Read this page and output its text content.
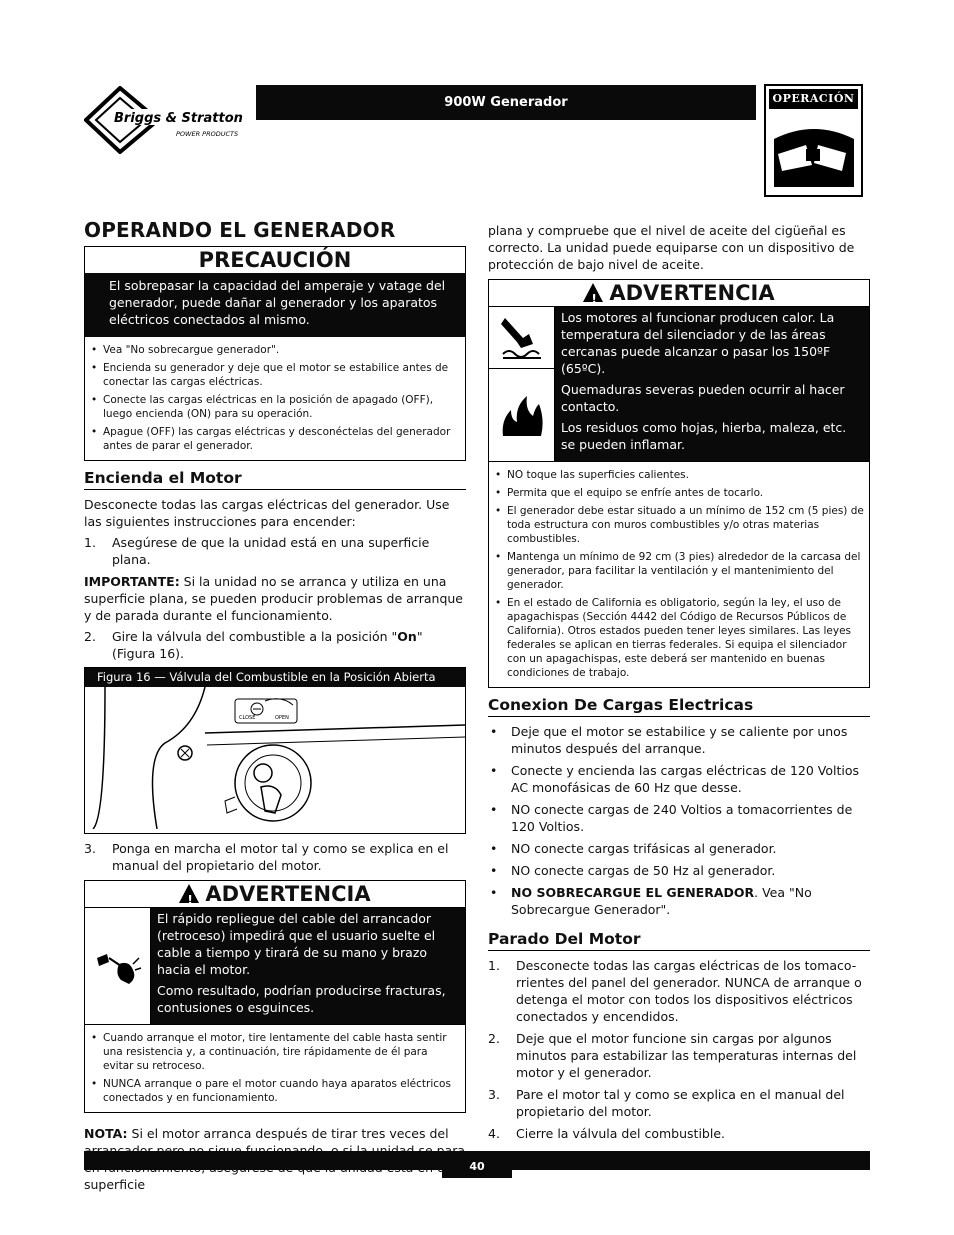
Briggs & Stratton
POWER PRODUCTS
900W Generador	OPERACIÓN
OPERANDO EL GENERADOR
PRECAUCIÓN

El sobrepasar la capacidad del amperaje y vatage del generador, puede dañar al generador y los aparatos eléctricos conectados al mismo.

• Vea "No sobrecargue generador".
• Encienda su generador y deje que el motor se estabilice antes de conectar las cargas eléctricas.
• Conecte las cargas eléctricas en la posición de apagado (OFF), luego encienda (ON) para su operación.
• Apague (OFF) las cargas eléctricas y desconéctelas del generador antes de parar el generador.
Encienda el Motor

Desconecte todas las cargas eléctricas del generador. Use las siguientes instrucciones para encender:

1. Asegúrese de que la unidad está en una superficie plana.

IMPORTANTE: Si la unidad no se arranca y utiliza en una superficie plana, se pueden producir problemas de arranque y de parada durante el funcionamiento.

2. Gire la válvula del combustible a la posición "On" (Figura 16).
Figura 16 — Válvula del Combustible en la Posición Abierta
CLOSE	OPEN
3. Ponga en marcha el motor tal y como se explica en el manual del propietario del motor.
!ADVERTENCIA

El rápido repliegue del cable del arrancador (retroceso) impedirá que el usuario suelte el cable a tiempo y tirará de su mano y brazo hacia el motor.

Como resultado, podrían producirse fracturas, contusiones o esguinces.

• Cuando arranque el motor, tire lentamente del cable hasta sentir una resistencia y, a continuación, tire rápidamente de él para evitar su retroceso.
• NUNCA arranque o pare el motor cuando haya aparatos eléctricos conectados y en funcionamiento.

NOTA: Si el motor arranca después de tirar tres veces del superficie

plana y compruebe que el nivel de aceite del cigüeñal es correcto. La unidad puede equiparse con un dispositivo de protección de bajo nivel de aceite.

!ADVERTENCIA

Los motores al funcionar producen calor. La temperatura del silenciador y de las áreas cercanas puede alcanzar o pasar los 150ºF (65ºC).

Quemaduras severas pueden ocurrir al hacer contacto.

Los residuos como hojas, hierba, maleza, etc. se pueden inflamar.

• NO toque las superficies calientes.
• Permita que el equipo se enfríe antes de tocarlo.
• El generador debe estar situado a un mínimo de 152 cm (5 pies) de toda estructura con muros combustibles y/o otras materias combustibles.
• Mantenga un mínimo de 92 cm (3 pies) alrededor de la carcasa del generador, para facilitar la ventilación y el mantenimiento del generador.
• En el estado de California es obligatorio, según la ley, el uso de apagachispas (Sección 4442 del Código de Recursos Públicos de California). Otros estados pueden tener leyes similares. Las leyes federales se aplican en tierras federales. Si equipa el silenciador con un apagachispas, este deberá ser mantenido en buenas condiciones de trabajo.
Conexion De Cargas Electricas
• Deje que el motor se estabilice y se caliente por unos minutos después del arranque.
• Conecte y encienda las cargas eléctricas de 120 Voltios AC monofásicas de 60 Hz que desse.
• NO conecte cargas de 240 Voltios a tomacorrientes de 120 Voltios.
• NO conecte cargas trifásicas al generador.
• NO conecte cargas de 50 Hz al generador.
• NO SOBRECARGUE EL GENERADOR. Vea "No Sobrecargue Generador".
Parado Del Motor
1. Desconecte todas las cargas eléctricas de los tomaco-rrientes del panel del generador. NUNCA de arranque o detenga el motor con todos los dispositivos eléctricos conectados y encendidos.
2. Deje que el motor funcione sin cargas por algunos minutos para estabilizar las temperaturas internas del motor y el generador.
3. Pare el motor tal y como se explica en el manual del propietario del motor.
4. Cierre la válvula del combustible.
40
